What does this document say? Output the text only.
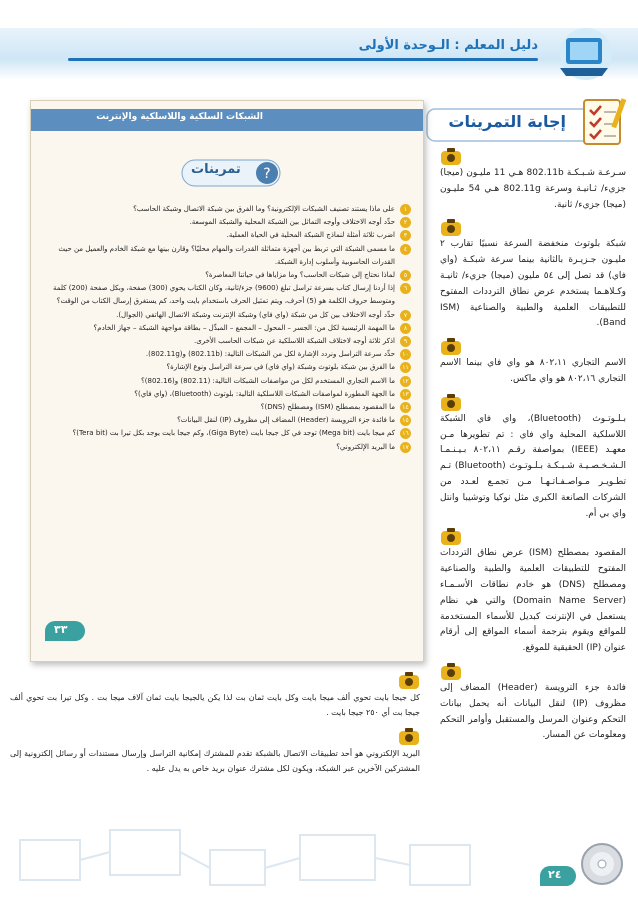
دليل المعلم : الـوحدة الأولى
إجابة التمرينات
الشبكات السلكية واللاسلكية والإنترنت
?
تمرينات
١
على ماذا يستند تصنيف الشبكات الإلكترونية؟ وما الفرق بين شبكة الاتصال وشبكة الحاسب؟
٢
حدِّد أوجه الاختلاف وأوجه التماثل بين الشبكة المحلية والشبكة الموسعة.
٣
اضرب ثلاثة أمثلة لنماذج الشبكة المحلية في الحياة العملية.
٤
ما مسمى الشبكة التي تربط بين أجهزة متماثلة القدرات والمهام محليًا؟ وقارن بينها مع شبكة الخادم والعميل من حيث القدرات الحاسوبية وأسلوب إدارة الشبكة.
٥
لماذا نحتاج إلى شبكات الحاسب؟ وما مزاياها في حياتنا المعاصرة؟
٦
إذا أردنا إرسال كتاب بسرعة تراسل تبلغ (9600) جزء/ثانية، وكان الكتاب يحوي (300) صفحة، وبكل صفحة (200) كلمة ومتوسط حروف الكلمة هو (5) أحرف، ويتم تمثيل الحرف باستخدام بايت واحد، كم يستغرق إرسال الكتاب من الوقت؟
٧
حدِّد أوجه الاختلاف بين كل من شبكة (واي فاي) وشبكة الإنترنت وشبكة الاتصال الهاتفي (الجوال).
٨
ما المهمة الرئيسية لكل من: الجسر – المحول – المجمع – المبدِّل – بطاقة مواجهة الشبكة – جهاز الخادم؟
٩
اذكر ثلاثة أوجه لاختلاف الشبكة اللاسلكية عن شبكات الحاسب الأخرى.
١٠
حدِّد سرعة التراسل ونردد الإشارة لكل من الشبكات التالية: (802.11b) و(802.11g).
١١
ما الفرق بين شبكة بلوتوث وشبكة (واي فاي) في سرعة التراسل ونوع الإشارة؟
١٢
ما الاسم التجاري المستخدم لكل من مواصفات الشبكات التالية: (802.11) و(802.16)؟
١٣
ما الجهة المطورة لمواصفات الشبكات اللاسلكية التالية: بلوتوث (Bluetooth)، (واي فاي)؟
١٤
ما المقصود بمصطلح (ISM) ومصطلح (DNS)؟
١٥
ما فائدة جزء الترويسة (Header) المضاف إلى مظروف (IP) لنقل البيانات؟
١٦
كم ميجا بايت (Mega bit) توجد في كل جيجا بايت (Giga Byte)، وكم جيجا بايت يوجد بكل تيرا بت (Tera bit)؟
١٧
ما البريد الإلكتروني؟
٣٣
سـرعـة شـبـكـة 802.11b هـي 11 مليـون (ميجا) جزيء/ ثـانيـة وسرعة 802.11g هـي 54 مليـون (ميجا) جزيء/ ثانية.
شبكة بلوتوث منخفضة السرعة نسبيًا تقارب ٢ مليـون جـزيـرة بالثانية بينما سرعة شبكـة (واي فاي) قد تصل إلى ٥٤ مليون (ميجا) جزيء/ ثانيـة وكـلاهـما يستخدم عرض نطاق الترددات المفتوح للتطبيقات العلمية والطبية والصناعية (ISM Band).
الاسم التجاري ٨٠٢،١١ هو واي فاي بينما الاسم التجاري ٨٠٢،١٦ هو واي ماكس.
بـلـوتـوث (Bluetooth)، واي فاي الشبكة اللاسلكية المحلية واي فاي : تم تطويرها مـن معهـد (IEEE) بمواصفة رقـم ٨٠٢،١١ بـيـنـمـا الـشـخـصـيـة شـبـكـة بـلـوتـوث (Bluetooth) تـم تطـويـر مـواصـفـاتـهـا مـن تجمـع لعـدد من الشركات الصانعة الكبرى مثل نوكيا وتوشيبا وانتل واي بي أم.
المقصود بمصطلح (ISM) عرض نطاق الترددات المفتوح للتطبيقات العلمية والطبية والصناعية ومصطلح (DNS) هو خادم نطاقات الأسـمـاء (Domain Name Server) والتي هي نظام يستعمل في الإنترنت كبديل للأسماء المستخدمة للمواقع ويقوم بترجمة أسماء المواقع إلى أرقام عنوان (IP) الحقيقية للموقع.
فائدة جزء الترويسة (Header) المضاف إلى مظروف (IP) لنقل البيانات أنه يحمل بيانات التحكم وعنوان المرسل والمستقبل وأوامر التحكم ومعلومات عن المسار.
كل جيجا بايت تحوي ألف ميجا بايت وكل بايت ثمان بت لذا يكن يالجيجا بايت ثمان آلاف ميجا بت . وكل تيرا بت تحوي ألف جيجا بت أي ٢٥٠ جيجا بايت .
البريد الإلكتروني هو أحد تطبيقات الاتصال بالشبكة تقدم للمشترك إمكانية التراسل وإرسال مستندات أو رسائل إلكترونية إلى المشتركين الآخرين عبر الشبكة، ويكون لكل مشترك عنوان بريد خاص به يدل عليه .
٢٤
